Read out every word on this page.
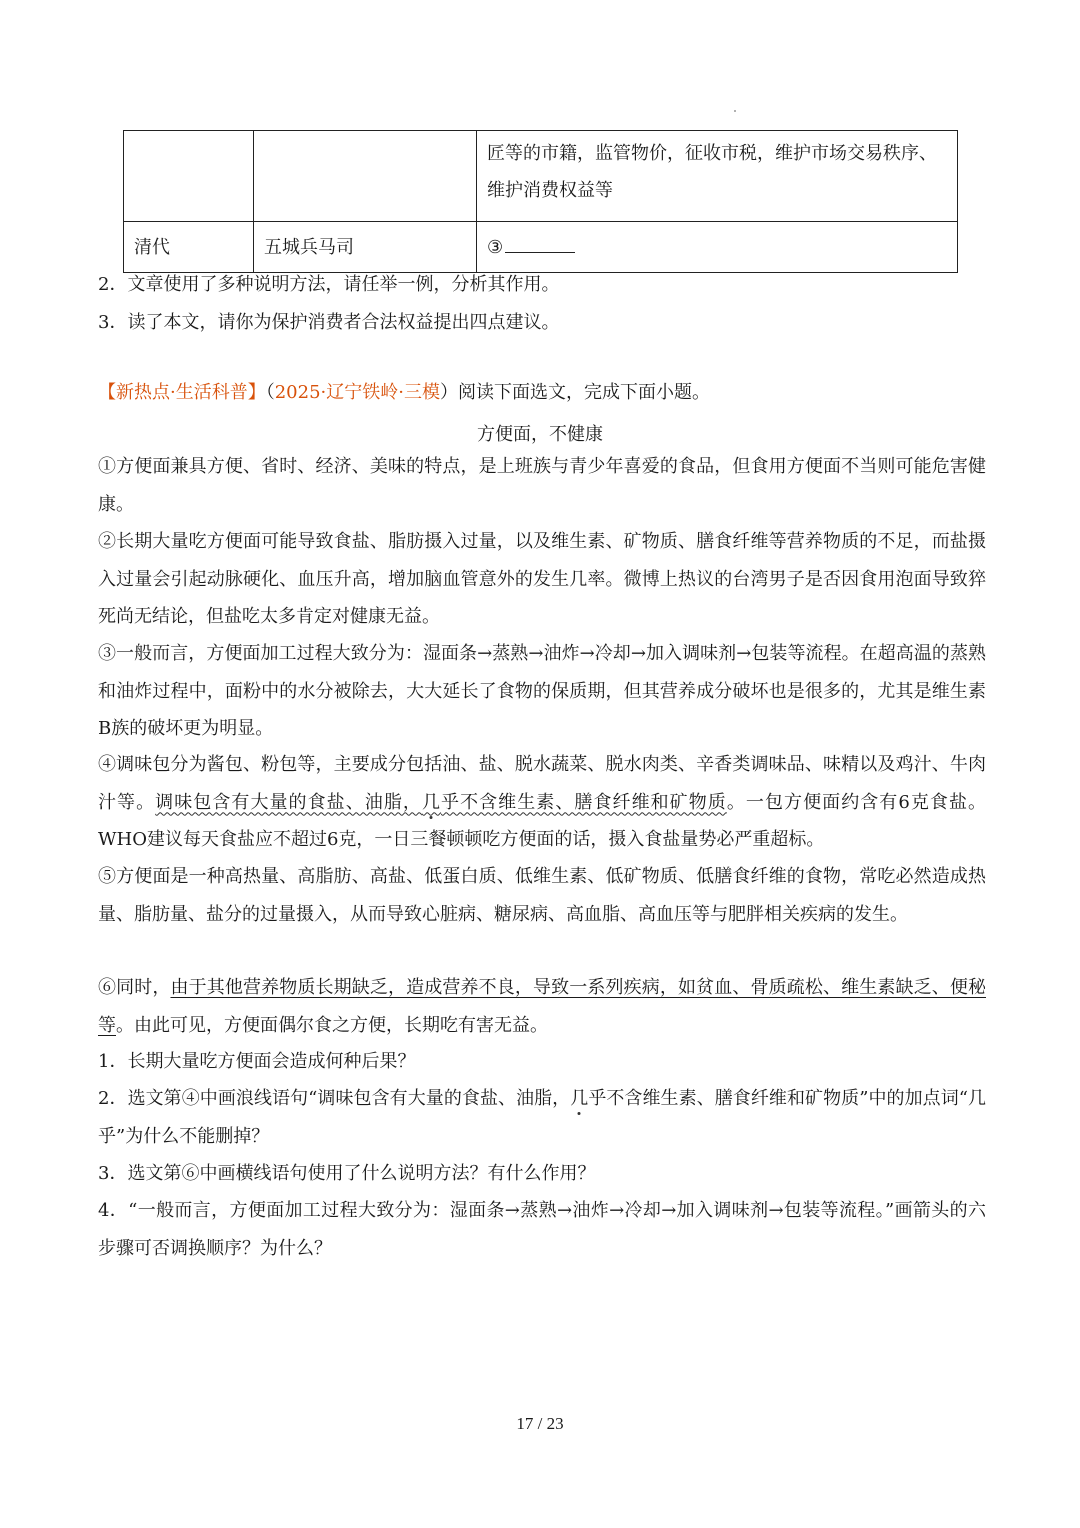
		匠等的市籍，监管物价，征收市税，维护市场交易秩序、维护消费权益等
清代	五城兵马司	③
2．文章使用了多种说明方法，请任举一例，分析其作用。
3．读了本文，请你为保护消费者合法权益提出四点建议。
【新热点·生活科普】（2025·辽宁铁岭·三模）阅读下面选文，完成下面小题。
方便面，不健康
①方便面兼具方便、省时、经济、美味的特点，是上班族与青少年喜爱的食品，但食用方便面不当则可能危害健康。
②长期大量吃方便面可能导致食盐、脂肪摄入过量，以及维生素、矿物质、膳食纤维等营养物质的不足，而盐摄入过量会引起动脉硬化、血压升高，增加脑血管意外的发生几率。微博上热议的台湾男子是否因食用泡面导致猝死尚无结论，但盐吃太多肯定对健康无益。
③一般而言，方便面加工过程大致分为：湿面条→蒸熟→油炸→冷却→加入调味剂→包装等流程。在超高温的蒸熟和油炸过程中，面粉中的水分被除去，大大延长了食物的保质期，但其营养成分破坏也是很多的，尤其是维生素B族的破坏更为明显。
④调味包分为酱包、粉包等，主要成分包括油、盐、脱水蔬菜、脱水肉类、辛香类调味品、味精以及鸡汁、牛肉汁等。调味包含有大量的食盐、油脂，几乎不含维生素、膳食纤维和矿物质。一包方便面约含有6克食盐。WHO建议每天食盐应不超过6克，一日三餐顿顿吃方便面的话，摄入食盐量势必严重超标。
⑤方便面是一种高热量、高脂肪、高盐、低蛋白质、低维生素、低矿物质、低膳食纤维的食物，常吃必然造成热量、脂肪量、盐分的过量摄入，从而导致心脏病、糖尿病、高血脂、高血压等与肥胖相关疾病的发生。
⑥同时，由于其他营养物质长期缺乏，造成营养不良，导致一系列疾病，如贫血、骨质疏松、维生素缺乏、便秘等。由此可见，方便面偶尔食之方便，长期吃有害无益。
1．长期大量吃方便面会造成何种后果？
2．选文第④中画浪线语句“调味包含有大量的食盐、油脂，几乎不含维生素、膳食纤维和矿物质”中的加点词“几乎”为什么不能删掉？
3．选文第⑥中画横线语句使用了什么说明方法？有什么作用？
4．“一般而言，方便面加工过程大致分为：湿面条→蒸熟→油炸→冷却→加入调味剂→包装等流程。”画箭头的六步骤可否调换顺序？为什么？
17 / 23
